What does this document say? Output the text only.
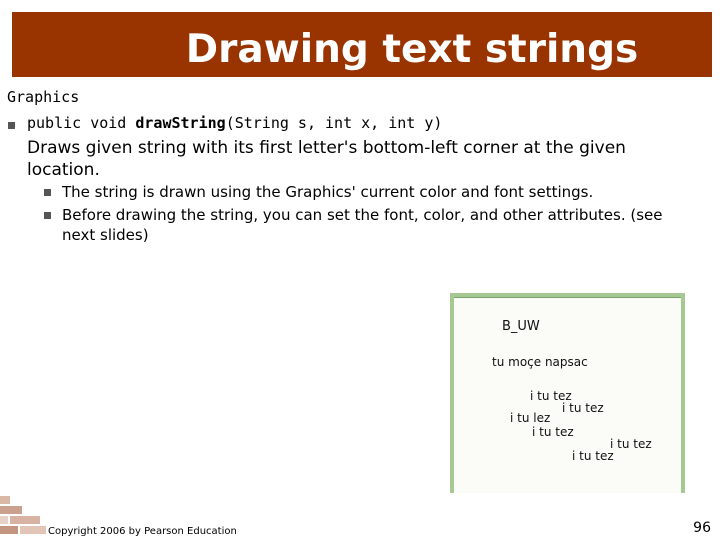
Drawing text strings
Graphics
public void drawString(String s, int x, int y)
Draws given string with its first letter's bottom-left corner at the given location.
The string is drawn using the Graphics' current color and font settings.
Before drawing the string, you can set the font, color, and other attributes. (see next slides)
B_UW
tu moçe napsac
i tu tez
i tu tez
i tu lez
i tu tez
i tu tez
i tu tez
Copyright 2006 by Pearson Education	96
